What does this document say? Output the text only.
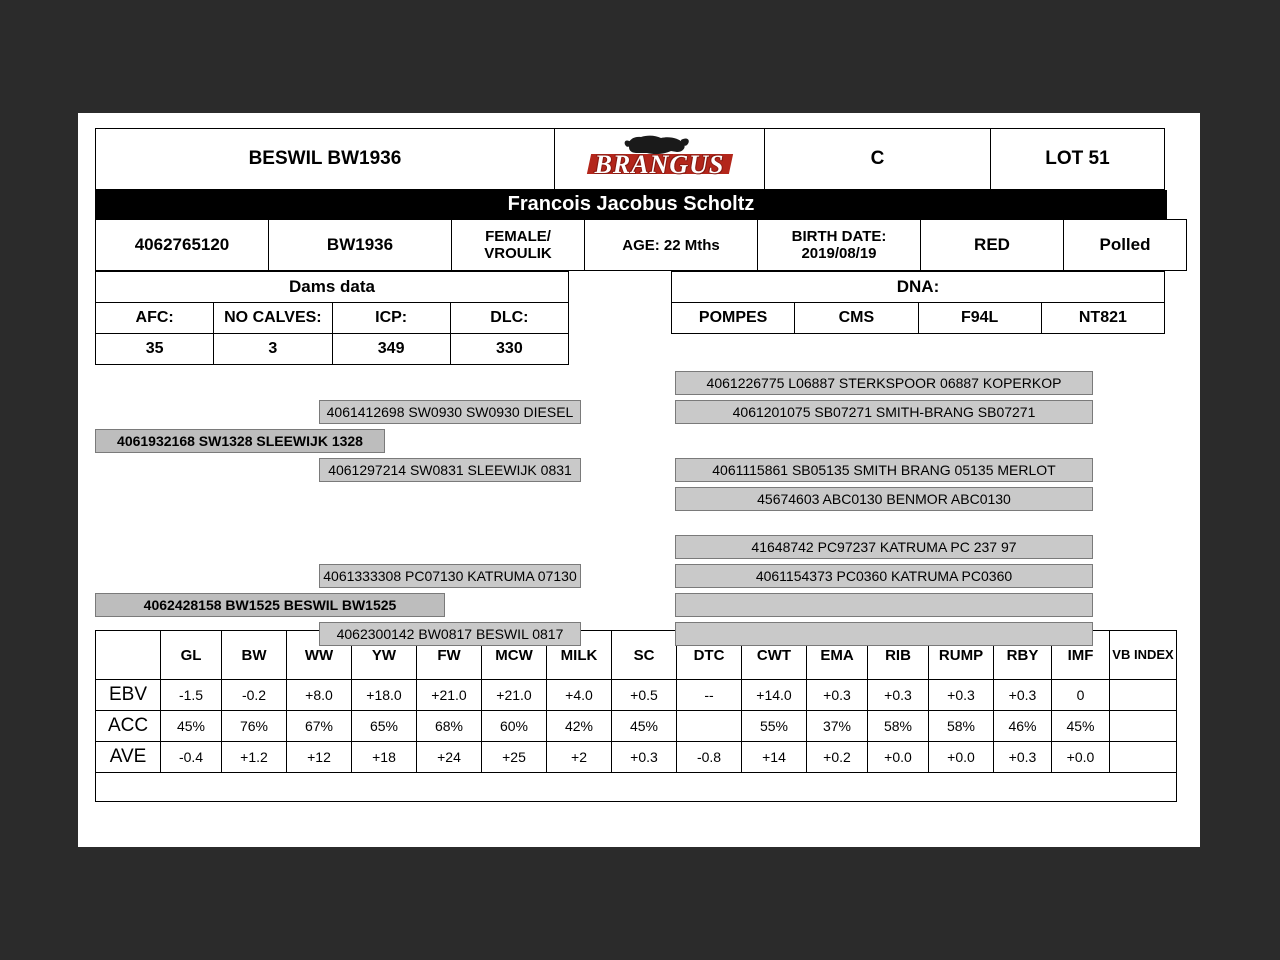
BESWIL BW1936	BRANGUS	C	LOT 51
Francois Jacobus Scholtz
4062765120	BW1936	FEMALE/ VROULIK	AGE: 22 Mths	BIRTH DATE: 2019/08/19	RED	Polled
Dams data					DNA:			
AFC:	NO CALVES:	ICP:	DLC:		POMPES	CMS	F94L	NT821
35	3	349	330					
4061226775 L06887 STERKSPOOR 06887 KOPERKOP
4061412698 SW0930 SW0930 DIESEL	4061201075 SB07271 SMITH-BRANG SB07271
4061932168 SW1328 SLEEWIJK 1328
4061297214 SW0831 SLEEWIJK 0831	4061115861 SB05135 SMITH BRANG 05135 MERLOT
45674603 ABC0130 BENMOR ABC0130
41648742 PC97237 KATRUMA PC 237 97
4061333308 PC07130 KATRUMA 07130	4061154373 PC0360 KATRUMA PC0360
4062428158 BW1525 BESWIL BW1525
4062300142 BW0817 BESWIL 0817
	GL	BW	WW	YW	FW	MCW	MILK	SC	DTC	CWT	EMA	RIB	RUMP	RBY	IMF	VB INDEX
EBV	-1.5	-0.2	+8.0	+18.0	+21.0	+21.0	+4.0	+0.5	--	+14.0	+0.3	+0.3	+0.3	+0.3	0	
ACC	45%	76%	67%	65%	68%	60%	42%	45%		55%	37%	58%	58%	46%	45%	
AVE	-0.4	+1.2	+12	+18	+24	+25	+2	+0.3	-0.8	+14	+0.2	+0.0	+0.0	+0.3	+0.0	
